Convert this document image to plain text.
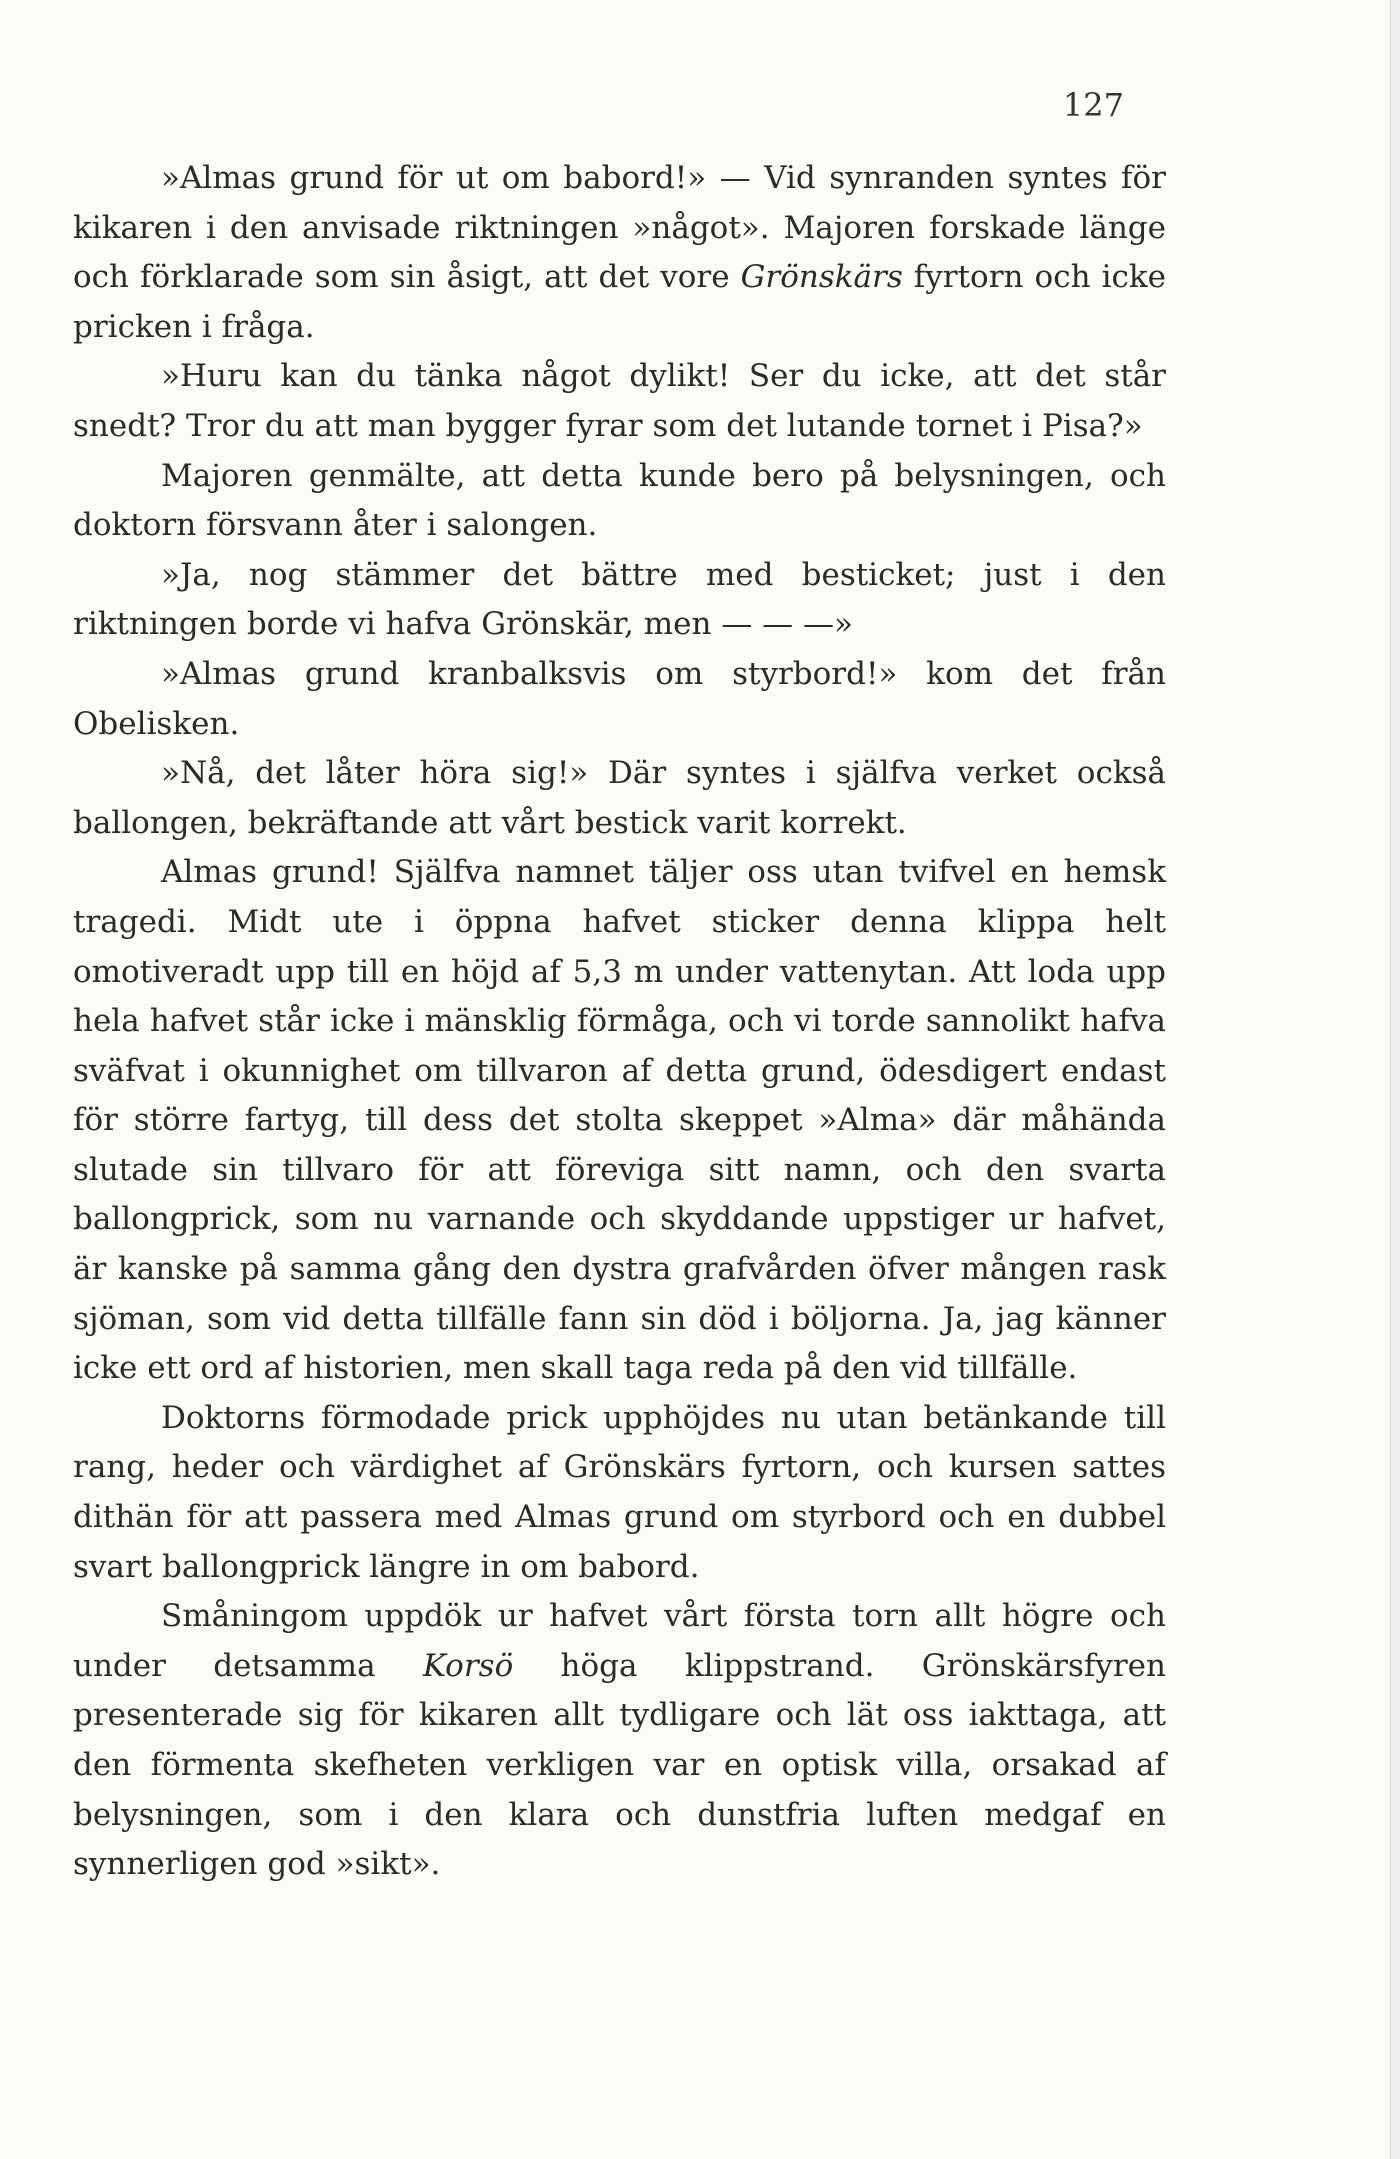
127

»Almas grund för ut om babord!» — Vid synranden syntes för kikaren i den anvisade riktningen »något». Majoren forskade länge och förklarade som sin åsigt, att det vore Grönskärs fyrtorn och icke pricken i fråga.

»Huru kan du tänka något dylikt! Ser du icke, att det står snedt? Tror du att man bygger fyrar som det lutande tornet i Pisa?»

Majoren genmälte, att detta kunde bero på belysningen, och doktorn försvann åter i salongen.

»Ja, nog stämmer det bättre med besticket; just i den riktningen borde vi hafva Grönskär, men — — —»

»Almas grund kranbalksvis om styrbord!» kom det från Obelisken.

»Nå, det låter höra sig!» Där syntes i själfva verket också ballongen, bekräftande att vårt bestick varit korrekt.

Almas grund! Själfva namnet täljer oss utan tvifvel en hemsk tragedi. Midt ute i öppna hafvet sticker denna klippa helt omotiveradt upp till en höjd af 5,3 m under vattenytan. Att loda upp hela hafvet står icke i mänsklig förmåga, och vi torde sannolikt hafva sväfvat i okunnighet om tillvaron af detta grund, ödesdigert endast för större fartyg, till dess det stolta skeppet »Alma» där måhända slutade sin tillvaro för att förevigа sitt namn, och den svarta ballongprick, som nu varnande och skyddande uppstiger ur hafvet, är kanske på samma gång den dystra grafvården öfver mången rask sjöman, som vid detta tillfälle fann sin död i böljorna. Ja, jag känner icke ett ord af historien, men skall taga reda på den vid tillfälle.

Doktorns förmodade prick upphöjdes nu utan betänkande till rang, heder och värdighet af Grönskärs fyrtorn, och kursen sattes dithän för att passera med Almas grund om styrbord och en dubbel svart ballongprick längre in om babord.

Småningom uppdök ur hafvet vårt första torn allt högre och under detsamma Korsö höga klippstrand. Grönskärsfyren presenterade sig för kikaren allt tydligare och lät oss iakttaga, att den förmenta skefheten verkligen var en optisk villa, orsakad af belysningen, som i den klara och dunstfria luften medgaf en synnerligen god »sikt».
